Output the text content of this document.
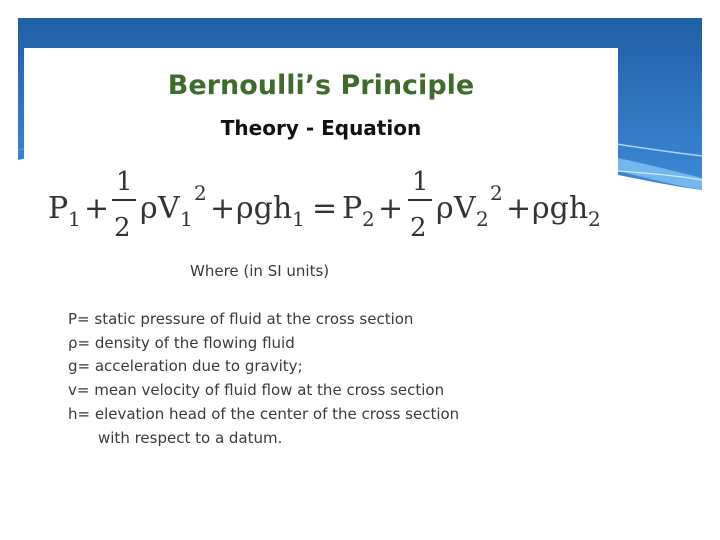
Bernoulli’s Principle
Theory - Equation
P 1 +
1
2
ρ V 1
2 + ρgh 1 = P 2 +
1
2
ρ V 2
2 + ρgh 2
Where (in SI units)
P= static pressure of fluid at the cross section
ρ= density of the flowing fluid
g= acceleration due to gravity;
v= mean velocity of fluid flow at the cross section
h= elevation head of the center of the cross section
with respect to a datum.
